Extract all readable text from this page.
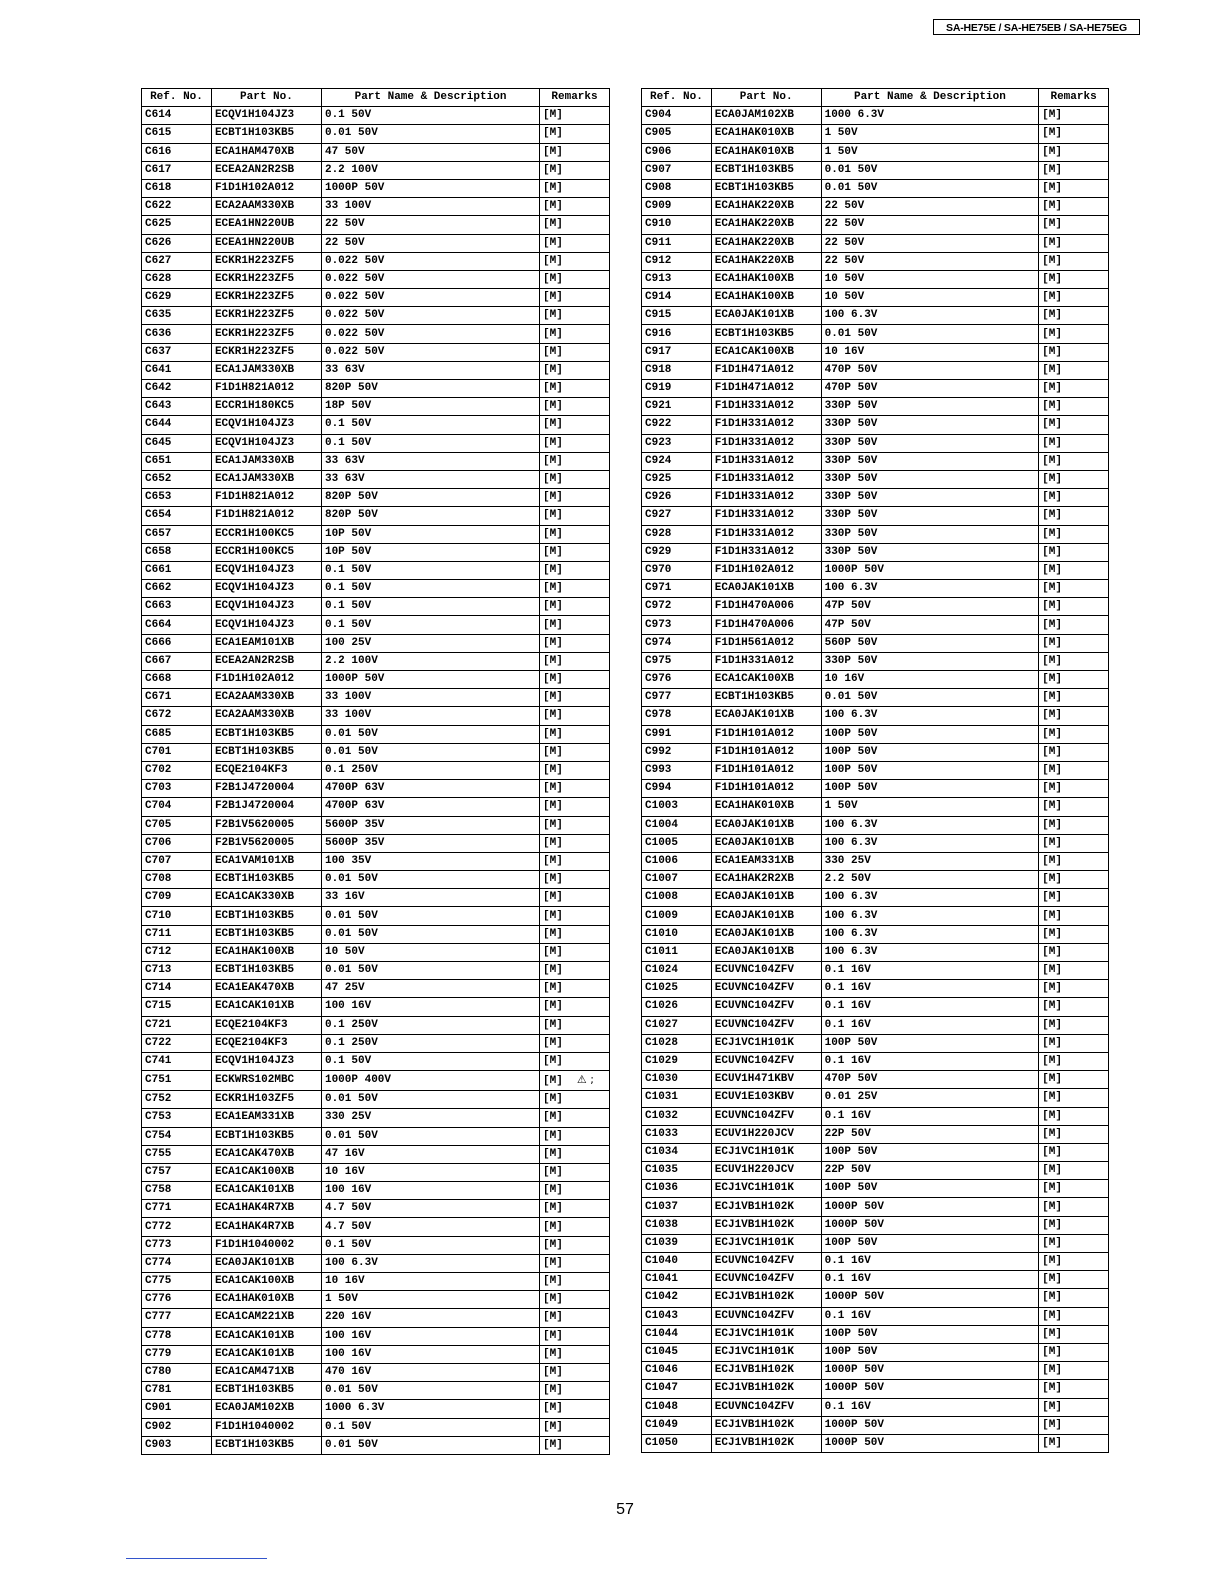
SA-HE75E / SA-HE75EB / SA-HE75EG
Ref. No.	Part No.	Part Name & Description	Remarks
C614	ECQV1H104JZ3	0.1 50V	[M]
C615	ECBT1H103KB5	0.01 50V	[M]
C616	ECA1HAM470XB	47 50V	[M]
C617	ECEA2AN2R2SB	2.2 100V	[M]
C618	F1D1H102A012	1000P 50V	[M]
C622	ECA2AAM330XB	33 100V	[M]
C625	ECEA1HN220UB	22 50V	[M]
C626	ECEA1HN220UB	22 50V	[M]
C627	ECKR1H223ZF5	0.022 50V	[M]
C628	ECKR1H223ZF5	0.022 50V	[M]
C629	ECKR1H223ZF5	0.022 50V	[M]
C635	ECKR1H223ZF5	0.022 50V	[M]
C636	ECKR1H223ZF5	0.022 50V	[M]
C637	ECKR1H223ZF5	0.022 50V	[M]
C641	ECA1JAM330XB	33 63V	[M]
C642	F1D1H821A012	820P 50V	[M]
C643	ECCR1H180KC5	18P 50V	[M]
C644	ECQV1H104JZ3	0.1 50V	[M]
C645	ECQV1H104JZ3	0.1 50V	[M]
C651	ECA1JAM330XB	33 63V	[M]
C652	ECA1JAM330XB	33 63V	[M]
C653	F1D1H821A012	820P 50V	[M]
C654	F1D1H821A012	820P 50V	[M]
C657	ECCR1H100KC5	10P 50V	[M]
C658	ECCR1H100KC5	10P 50V	[M]
C661	ECQV1H104JZ3	0.1 50V	[M]
C662	ECQV1H104JZ3	0.1 50V	[M]
C663	ECQV1H104JZ3	0.1 50V	[M]
C664	ECQV1H104JZ3	0.1 50V	[M]
C666	ECA1EAM101XB	100 25V	[M]
C667	ECEA2AN2R2SB	2.2 100V	[M]
C668	F1D1H102A012	1000P 50V	[M]
C671	ECA2AAM330XB	33 100V	[M]
C672	ECA2AAM330XB	33 100V	[M]
C685	ECBT1H103KB5	0.01 50V	[M]
C701	ECBT1H103KB5	0.01 50V	[M]
C702	ECQE2104KF3	0.1 250V	[M]
C703	F2B1J4720004	4700P 63V	[M]
C704	F2B1J4720004	4700P 63V	[M]
C705	F2B1V5620005	5600P 35V	[M]
C706	F2B1V5620005	5600P 35V	[M]
C707	ECA1VAM101XB	100 35V	[M]
C708	ECBT1H103KB5	0.01 50V	[M]
C709	ECA1CAK330XB	33 16V	[M]
C710	ECBT1H103KB5	0.01 50V	[M]
C711	ECBT1H103KB5	0.01 50V	[M]
C712	ECA1HAK100XB	10 50V	[M]
C713	ECBT1H103KB5	0.01 50V	[M]
C714	ECA1EAK470XB	47 25V	[M]
C715	ECA1CAK101XB	100 16V	[M]
C721	ECQE2104KF3	0.1 250V	[M]
C722	ECQE2104KF3	0.1 250V	[M]
C741	ECQV1H104JZ3	0.1 50V	[M]
C751	ECKWRS102MBC	1000P 400V	[M] ⚠ ;
C752	ECKR1H103ZF5	0.01 50V	[M]
C753	ECA1EAM331XB	330 25V	[M]
C754	ECBT1H103KB5	0.01 50V	[M]
C755	ECA1CAK470XB	47 16V	[M]
C757	ECA1CAK100XB	10 16V	[M]
C758	ECA1CAK101XB	100 16V	[M]
C771	ECA1HAK4R7XB	4.7 50V	[M]
C772	ECA1HAK4R7XB	4.7 50V	[M]
C773	F1D1H1040002	0.1 50V	[M]
C774	ECA0JAK101XB	100 6.3V	[M]
C775	ECA1CAK100XB	10 16V	[M]
C776	ECA1HAK010XB	1 50V	[M]
C777	ECA1CAM221XB	220 16V	[M]
C778	ECA1CAK101XB	100 16V	[M]
C779	ECA1CAK101XB	100 16V	[M]
C780	ECA1CAM471XB	470 16V	[M]
C781	ECBT1H103KB5	0.01 50V	[M]
C901	ECA0JAM102XB	1000 6.3V	[M]
C902	F1D1H1040002	0.1 50V	[M]
C903	ECBT1H103KB5	0.01 50V	[M]
Ref. No.	Part No.	Part Name & Description	Remarks
C904	ECA0JAM102XB	1000 6.3V	[M]
C905	ECA1HAK010XB	1 50V	[M]
C906	ECA1HAK010XB	1 50V	[M]
C907	ECBT1H103KB5	0.01 50V	[M]
C908	ECBT1H103KB5	0.01 50V	[M]
C909	ECA1HAK220XB	22 50V	[M]
C910	ECA1HAK220XB	22 50V	[M]
C911	ECA1HAK220XB	22 50V	[M]
C912	ECA1HAK220XB	22 50V	[M]
C913	ECA1HAK100XB	10 50V	[M]
C914	ECA1HAK100XB	10 50V	[M]
C915	ECA0JAK101XB	100 6.3V	[M]
C916	ECBT1H103KB5	0.01 50V	[M]
C917	ECA1CAK100XB	10 16V	[M]
C918	F1D1H471A012	470P 50V	[M]
C919	F1D1H471A012	470P 50V	[M]
C921	F1D1H331A012	330P 50V	[M]
C922	F1D1H331A012	330P 50V	[M]
C923	F1D1H331A012	330P 50V	[M]
C924	F1D1H331A012	330P 50V	[M]
C925	F1D1H331A012	330P 50V	[M]
C926	F1D1H331A012	330P 50V	[M]
C927	F1D1H331A012	330P 50V	[M]
C928	F1D1H331A012	330P 50V	[M]
C929	F1D1H331A012	330P 50V	[M]
C970	F1D1H102A012	1000P 50V	[M]
C971	ECA0JAK101XB	100 6.3V	[M]
C972	F1D1H470A006	47P 50V	[M]
C973	F1D1H470A006	47P 50V	[M]
C974	F1D1H561A012	560P 50V	[M]
C975	F1D1H331A012	330P 50V	[M]
C976	ECA1CAK100XB	10 16V	[M]
C977	ECBT1H103KB5	0.01 50V	[M]
C978	ECA0JAK101XB	100 6.3V	[M]
C991	F1D1H101A012	100P 50V	[M]
C992	F1D1H101A012	100P 50V	[M]
C993	F1D1H101A012	100P 50V	[M]
C994	F1D1H101A012	100P 50V	[M]
C1003	ECA1HAK010XB	1 50V	[M]
C1004	ECA0JAK101XB	100 6.3V	[M]
C1005	ECA0JAK101XB	100 6.3V	[M]
C1006	ECA1EAM331XB	330 25V	[M]
C1007	ECA1HAK2R2XB	2.2 50V	[M]
C1008	ECA0JAK101XB	100 6.3V	[M]
C1009	ECA0JAK101XB	100 6.3V	[M]
C1010	ECA0JAK101XB	100 6.3V	[M]
C1011	ECA0JAK101XB	100 6.3V	[M]
C1024	ECUVNC104ZFV	0.1 16V	[M]
C1025	ECUVNC104ZFV	0.1 16V	[M]
C1026	ECUVNC104ZFV	0.1 16V	[M]
C1027	ECUVNC104ZFV	0.1 16V	[M]
C1028	ECJ1VC1H101K	100P 50V	[M]
C1029	ECUVNC104ZFV	0.1 16V	[M]
C1030	ECUV1H471KBV	470P 50V	[M]
C1031	ECUV1E103KBV	0.01 25V	[M]
C1032	ECUVNC104ZFV	0.1 16V	[M]
C1033	ECUV1H220JCV	22P 50V	[M]
C1034	ECJ1VC1H101K	100P 50V	[M]
C1035	ECUV1H220JCV	22P 50V	[M]
C1036	ECJ1VC1H101K	100P 50V	[M]
C1037	ECJ1VB1H102K	1000P 50V	[M]
C1038	ECJ1VB1H102K	1000P 50V	[M]
C1039	ECJ1VC1H101K	100P 50V	[M]
C1040	ECUVNC104ZFV	0.1 16V	[M]
C1041	ECUVNC104ZFV	0.1 16V	[M]
C1042	ECJ1VB1H102K	1000P 50V	[M]
C1043	ECUVNC104ZFV	0.1 16V	[M]
C1044	ECJ1VC1H101K	100P 50V	[M]
C1045	ECJ1VC1H101K	100P 50V	[M]
C1046	ECJ1VB1H102K	1000P 50V	[M]
C1047	ECJ1VB1H102K	1000P 50V	[M]
C1048	ECUVNC104ZFV	0.1 16V	[M]
C1049	ECJ1VB1H102K	1000P 50V	[M]
C1050	ECJ1VB1H102K	1000P 50V	[M]
57
